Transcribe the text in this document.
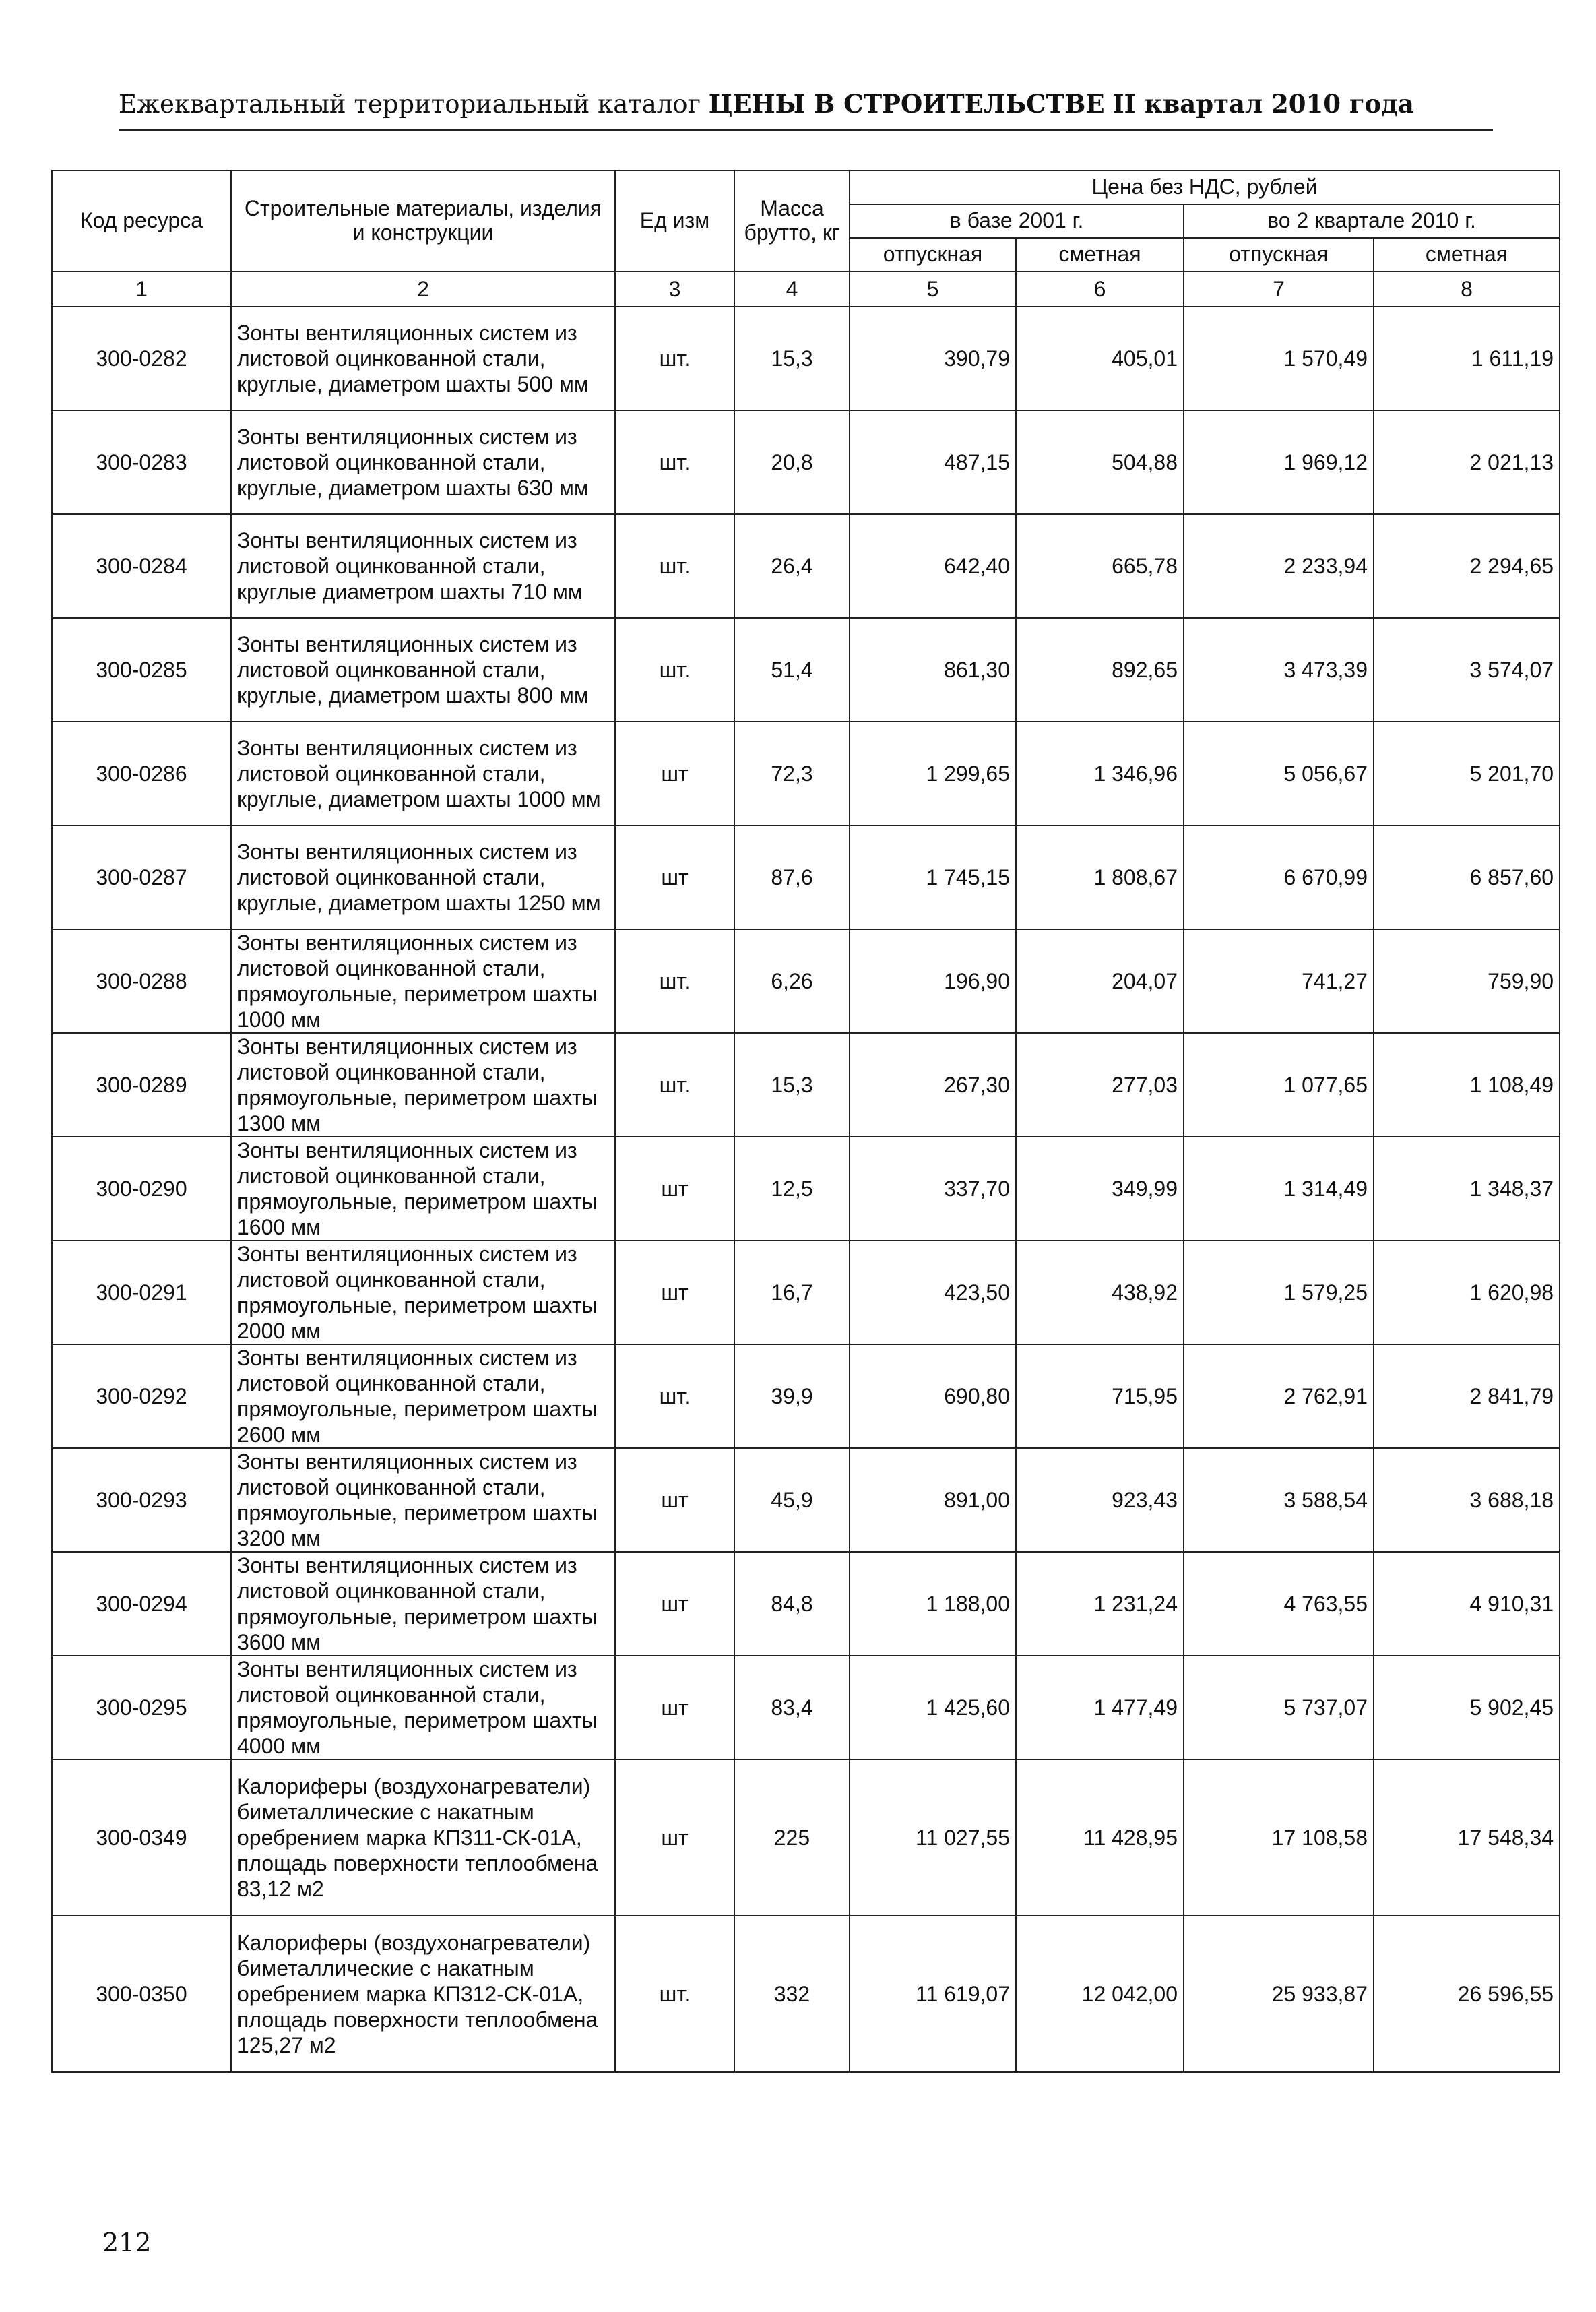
Ежеквартальный территориальный каталог ЦЕНЫ В СТРОИТЕЛЬСТВЕ II квартал 2010 года
Код ресурса	Строительные материалы, изделия и конструкции	Ед изм	Масса брутто, кг	Цена без НДС, рублей			
				в базе 2001 г.		во 2 квартале 2010 г.	
				отпускная	сметная	отпускная	сметная
1	2	3	4	5	6	7	8
300-0282	Зонты вентиляционных систем из листовой оцинкованной стали, круглые, диаметром шахты 500 мм	шт.	15,3	390,79	405,01	1 570,49	1 611,19
300-0283	Зонты вентиляционных систем из листовой оцинкованной стали, круглые, диаметром шахты 630 мм	шт.	20,8	487,15	504,88	1 969,12	2 021,13
300-0284	Зонты вентиляционных систем из листовой оцинкованной стали, круглые диаметром шахты 710 мм	шт.	26,4	642,40	665,78	2 233,94	2 294,65
300-0285	Зонты вентиляционных систем из листовой оцинкованной стали, круглые, диаметром шахты 800 мм	шт.	51,4	861,30	892,65	3 473,39	3 574,07
300-0286	Зонты вентиляционных систем из листовой оцинкованной стали, круглые, диаметром шахты 1000 мм	шт	72,3	1 299,65	1 346,96	5 056,67	5 201,70
300-0287	Зонты вентиляционных систем из листовой оцинкованной стали, круглые, диаметром шахты 1250 мм	шт	87,6	1 745,15	1 808,67	6 670,99	6 857,60
300-0288	Зонты вентиляционных систем из листовой оцинкованной стали, прямоугольные, периметром шахты 1000 мм	шт.	6,26	196,90	204,07	741,27	759,90
300-0289	Зонты вентиляционных систем из листовой оцинкованной стали, прямоугольные, периметром шахты 1300 мм	шт.	15,3	267,30	277,03	1 077,65	1 108,49
300-0290	Зонты вентиляционных систем из листовой оцинкованной стали, прямоугольные, периметром шахты 1600 мм	шт	12,5	337,70	349,99	1 314,49	1 348,37
300-0291	Зонты вентиляционных систем из листовой оцинкованной стали, прямоугольные, периметром шахты 2000 мм	шт	16,7	423,50	438,92	1 579,25	1 620,98
300-0292	Зонты вентиляционных систем из листовой оцинкованной стали, прямоугольные, периметром шахты 2600 мм	шт.	39,9	690,80	715,95	2 762,91	2 841,79
300-0293	Зонты вентиляционных систем из листовой оцинкованной стали, прямоугольные, периметром шахты 3200 мм	шт	45,9	891,00	923,43	3 588,54	3 688,18
300-0294	Зонты вентиляционных систем из листовой оцинкованной стали, прямоугольные, периметром шахты 3600 мм	шт	84,8	1 188,00	1 231,24	4 763,55	4 910,31
300-0295	Зонты вентиляционных систем из листовой оцинкованной стали, прямоугольные, периметром шахты 4000 мм	шт	83,4	1 425,60	1 477,49	5 737,07	5 902,45
300-0349	Калориферы (воздухонагреватели) биметаллические с накатным оребрением марка КП311-СК-01А, площадь поверхности теплообмена 83,12 м2	шт	225	11 027,55	11 428,95	17 108,58	17 548,34
300-0350	Калориферы (воздухонагреватели) биметаллические с накатным оребрением марка КП312-СК-01А, площадь поверхности теплообмена 125,27 м2	шт.	332	11 619,07	12 042,00	25 933,87	26 596,55
212
